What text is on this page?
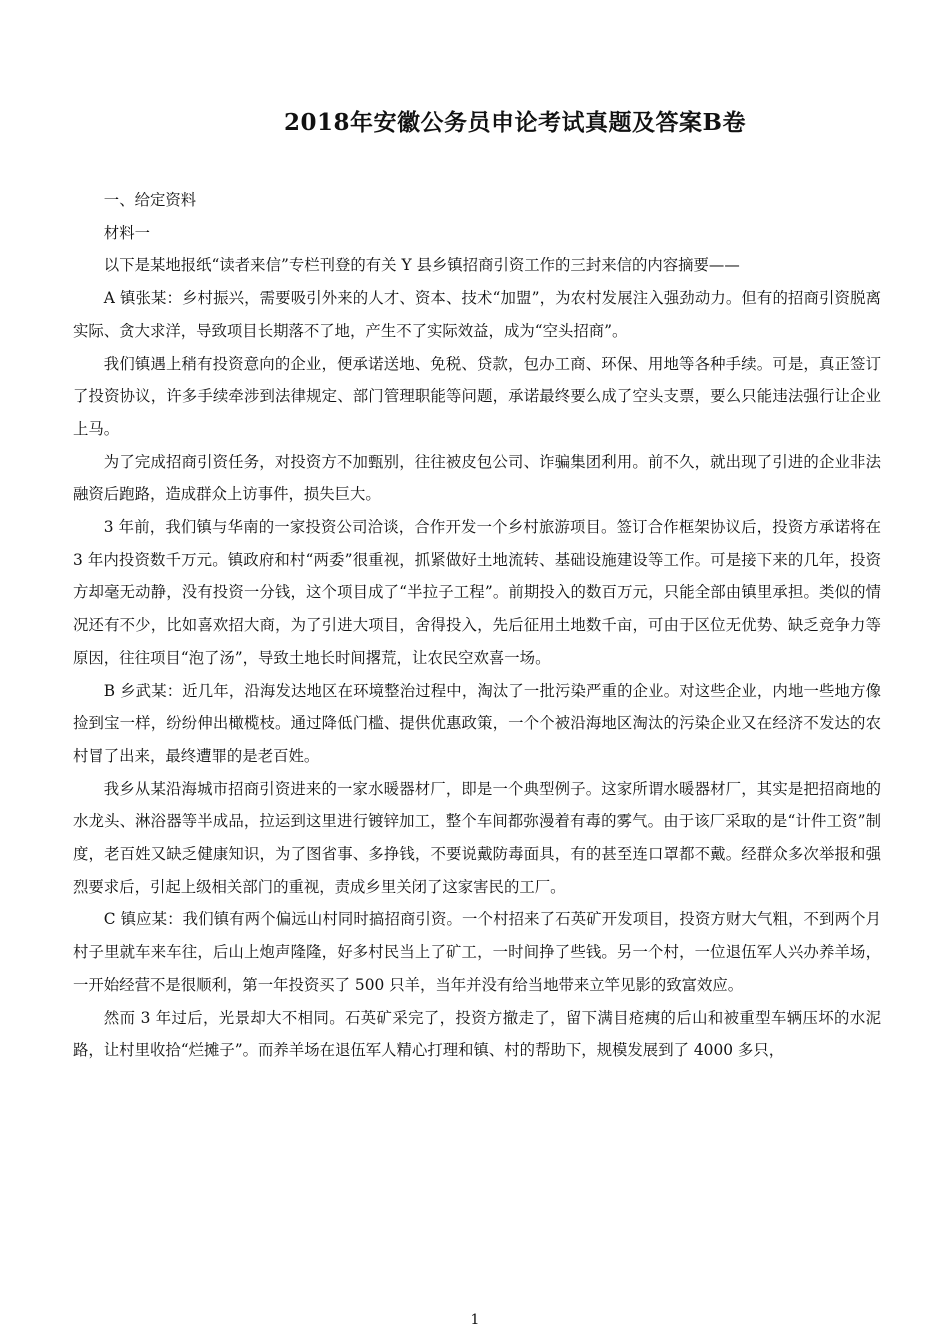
2018年安徽公务员申论考试真题及答案B卷

一、给定资料

材料一

以下是某地报纸“读者来信”专栏刊登的有关 Y 县乡镇招商引资工作的三封来信的内容摘要——

A 镇张某：乡村振兴，需要吸引外来的人才、资本、技术“加盟”，为农村发展注入强劲动力。但有的招商引资脱离实际、贪大求洋，导致项目长期落不了地，产生不了实际效益，成为“空头招商”。

我们镇遇上稍有投资意向的企业，便承诺送地、免税、贷款，包办工商、环保、用地等各种手续。可是，真正签订了投资协议，许多手续牵涉到法律规定、部门管理职能等问题，承诺最终要么成了空头支票，要么只能违法强行让企业上马。

为了完成招商引资任务，对投资方不加甄别，往往被皮包公司、诈骗集团利用。前不久，就出现了引进的企业非法融资后跑路，造成群众上访事件，损失巨大。

3 年前，我们镇与华南的一家投资公司洽谈，合作开发一个乡村旅游项目。签订合作框架协议后，投资方承诺将在 3 年内投资数千万元。镇政府和村“两委”很重视，抓紧做好土地流转、基础设施建设等工作。可是接下来的几年，投资方却毫无动静，没有投资一分钱，这个项目成了“半拉子工程”。前期投入的数百万元，只能全部由镇里承担。类似的情况还有不少，比如喜欢招大商，为了引进大项目，舍得投入，先后征用土地数千亩，可由于区位无优势、缺乏竞争力等原因，往往项目“泡了汤”，导致土地长时间撂荒，让农民空欢喜一场。

B 乡武某：近几年，沿海发达地区在环境整治过程中，淘汰了一批污染严重的企业。对这些企业，内地一些地方像捡到宝一样，纷纷伸出橄榄枝。通过降低门槛、提供优惠政策，一个个被沿海地区淘汰的污染企业又在经济不发达的农村冒了出来，最终遭罪的是老百姓。

我乡从某沿海城市招商引资进来的一家水暖器材厂，即是一个典型例子。这家所谓水暖器材厂，其实是把招商地的水龙头、淋浴器等半成品，拉运到这里进行镀锌加工，整个车间都弥漫着有毒的雾气。由于该厂采取的是“计件工资”制度，老百姓又缺乏健康知识，为了图省事、多挣钱，不要说戴防毒面具，有的甚至连口罩都不戴。经群众多次举报和强烈要求后，引起上级相关部门的重视，责成乡里关闭了这家害民的工厂。

C 镇应某：我们镇有两个偏远山村同时搞招商引资。一个村招来了石英矿开发项目，投资方财大气粗，不到两个月村子里就车来车往，后山上炮声隆隆，好多村民当上了矿工，一时间挣了些钱。另一个村，一位退伍军人兴办养羊场，一开始经营不是很顺利，第一年投资买了 500 只羊，当年并没有给当地带来立竿见影的致富效应。

然而 3 年过后，光景却大不相同。石英矿采完了，投资方撤走了，留下满目疮痍的后山和被重型车辆压坏的水泥路，让村里收拾“烂摊子”。而养羊场在退伍军人精心打理和镇、村的帮助下，规模发展到了 4000 多只，

1
